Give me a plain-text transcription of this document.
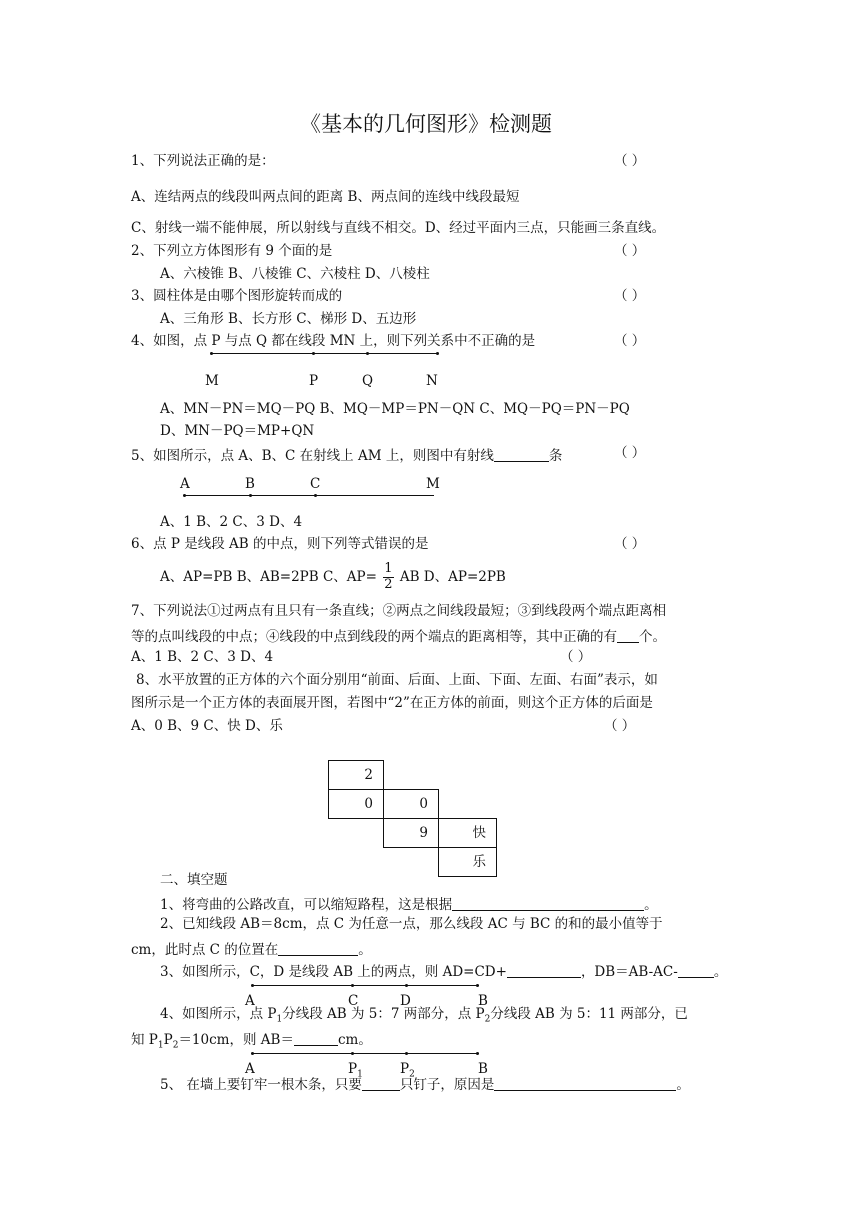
《基本的几何图形》检测题
1、下列说法正确的是：	（ ）
A、连结两点的线段叫两点间的距离 B、两点间的连线中线段最短
C、射线一端不能伸展，所以射线与直线不相交。D、经过平面内三点，只能画三条直线。
2、下列立方体图形有 9 个面的是	（ ）
A、六棱锥 B、八棱锥 C、六棱柱 D、八棱柱
3、圆柱体是由哪个图形旋转而成的	（ ）
A、三角形 B、长方形 C、梯形 D、五边形
4、如图，点 P 与点 Q 都在线段 MN 上，则下列关系中不正确的是	（ ）
M	P	Q	N
A、MN－PN＝MQ－PQ B、MQ－MP＝PN－QN C、MQ－PQ＝PN－PQ
D、MN－PQ＝MP+QN
5、如图所示，点 A、B、C 在射线上 AM 上，则图中有射线	条	（ ）
A	B	C	M
A、1 B、2 C、3 D、4
6、点 P 是线段 AB 的中点，则下列等式错误的是	（ ）
A、AP=PB B、AB=2PB C、$AP= \frac{1}{2}$ AB D、AP=2PB
7、下列说法①过两点有且只有一条直线；②两点之间线段最短；③到线段两个端点距离相
等的点叫线段的中点；④线段的中点到线段的两个端点的距离相等，其中正确的有 个。
A、1 B、2 C、3 D、4	（ ）
8、水平放置的正方体的六个面分别用“前面、后面、上面、下面、左面、右面”表示，如
图所示是一个正方体的表面展开图，若图中“2”在正方体的前面，则这个正方体的后面是
A、0 B、9 C、快 D、乐	（ ）
2
0	0
9	快
乐
二、填空题
1、将弯曲的公路改直，可以缩短路程，这是根据	。
2、已知线段 AB＝8cm，点 C 为任意一点，那么线段 AC 与 BC 的和的最小值等于
cm，此时点 C 的位置在	。
3、如图所示，C，D 是线段 AB 上的两点，则 AD=CD+	，DB＝AB-AC-	。
A	C	D	B
4、如图所示，点 $P_1$分线段 AB 为 5：7 两部分，点 $P_2$分线段 AB 为 5：11 两部分，已
知 $P_1P_2=10cm$，则 AB＝	cm。
A	$P_1$	$P_2$	B
5、 在墙上要钉牢一根木条，只要	只钉子，原因是	。
